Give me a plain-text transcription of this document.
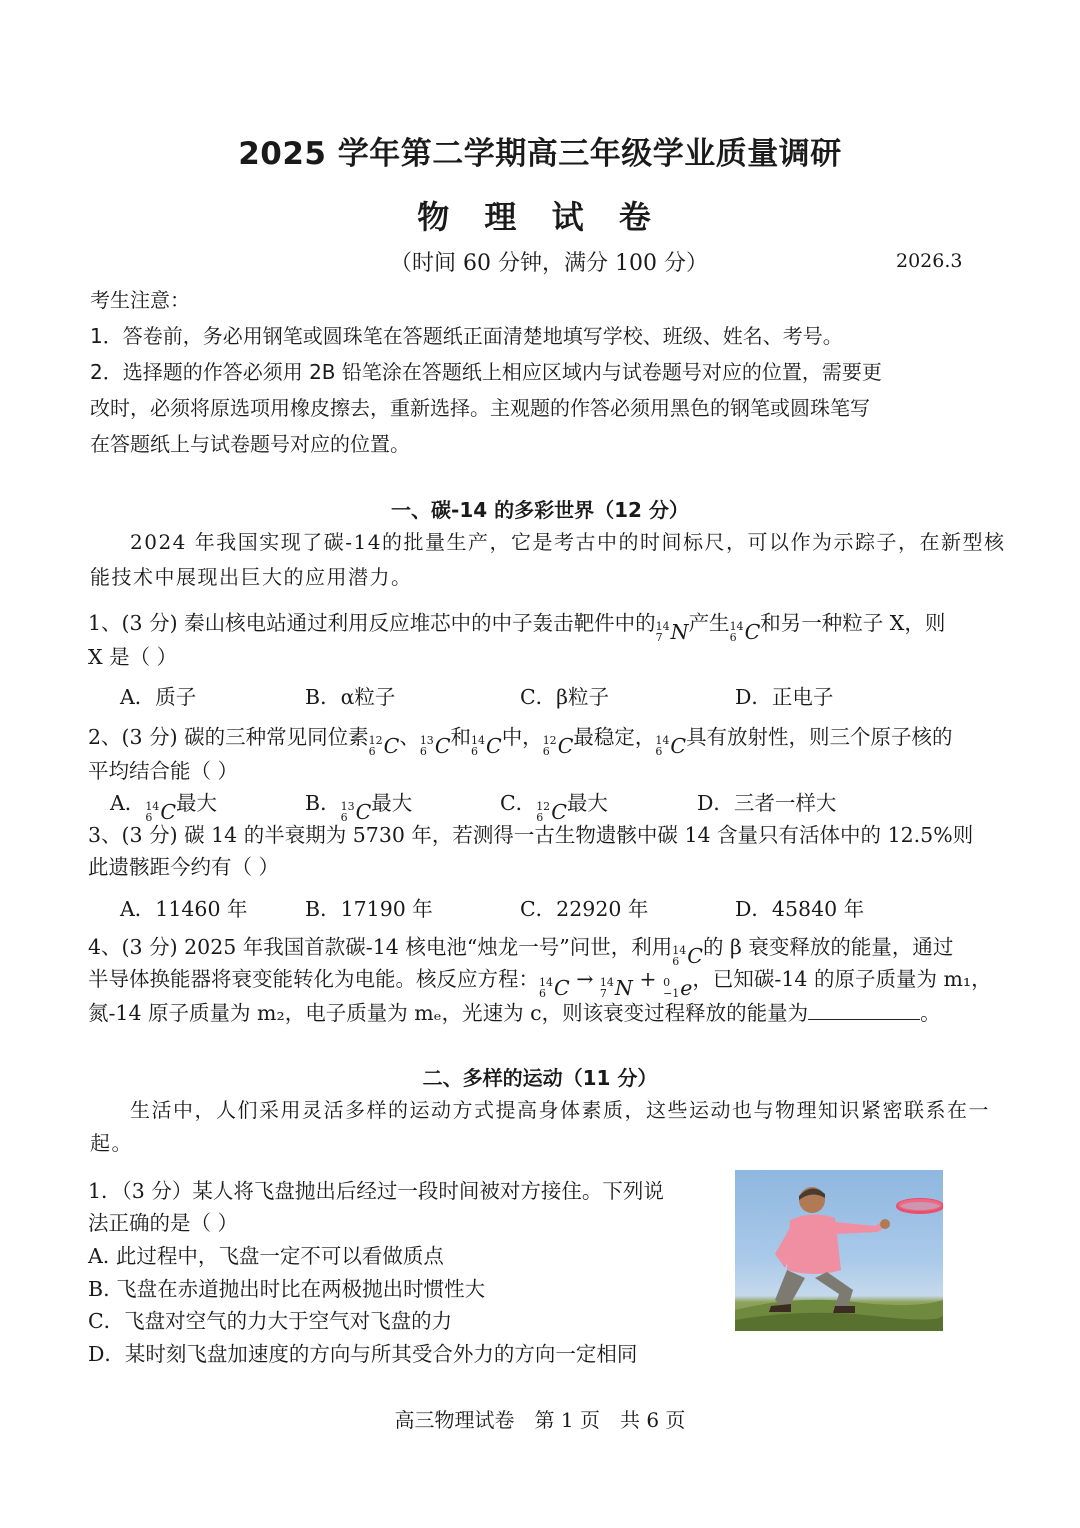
2025 学年第二学期高三年级学业质量调研
物 理 试 卷
（时间 60 分钟，满分 100 分）	2026.3
考生注意：
1．答卷前，务必用钢笔或圆珠笔在答题纸正面清楚地填写学校、班级、姓名、考号。
2．选择题的作答必须用 2B 铅笔涂在答题纸上相应区域内与试卷题号对应的位置，需要更
改时，必须将原选项用橡皮擦去，重新选择。主观题的作答必须用黑色的钢笔或圆珠笔写
在答题纸上与试卷题号对应的位置。
一、碳-14 的多彩世界（12 分）
2024 年我国实现了碳-14的批量生产，它是考古中的时间标尺，可以作为示踪子，在新型核
能技术中展现出巨大的应用潜力。
1、(3 分) 秦山核电站通过利用反应堆芯中的中子轰击靶件中的 14
7 N 产生 14
6 C 和另一种粒子 X，则
X 是（ ）
A．质子	B．α粒子	C．β粒子	D．正电子
2、(3 分) 碳的三种常见同位素 12
6 C 、 13
6 C 和 14
6 C 中， 12
6 C 最稳定， 14
6 C 具有放射性，则三个原子核的
平均结合能（ ）
A． 14
6 C 最大	B． 13
6 C 最大	C． 12
6 C 最大	D．三者一样大
3、(3 分) 碳 14 的半衰期为 5730 年，若测得一古生物遗骸中碳 14 含量只有活体中的 12.5%则
此遗骸距今约有（ ）
A．11460 年	B．17190 年	C．22920 年	D．45840 年
4、(3 分) 2025 年我国首款碳-14 核电池“烛龙一号”问世，利用 14
6 C 的 β 衰变释放的能量，通过
半导体换能器将衰变能转化为电能。核反应方程： 14
6 C → 14
7 N + 0
−1 e ，已知碳-14 的原子质量为 m₁，
氮-14 原子质量为 m₂，电子质量为 mₑ，光速为 c，则该衰变过程释放的能量为	。
二、多样的运动（11 分）
生活中，人们采用灵活多样的运动方式提高身体素质，这些运动也与物理知识紧密联系在一
起。
1．（3 分）某人将飞盘抛出后经过一段时间被对方接住。下列说
法正确的是（ ）
A. 此过程中，飞盘一定不可以看做质点
B. 飞盘在赤道抛出时比在两极抛出时惯性大
C．飞盘对空气的力大于空气对飞盘的力
D．某时刻飞盘加速度的方向与所其受合外力的方向一定相同
高三物理试卷　第 1 页　共 6 页
